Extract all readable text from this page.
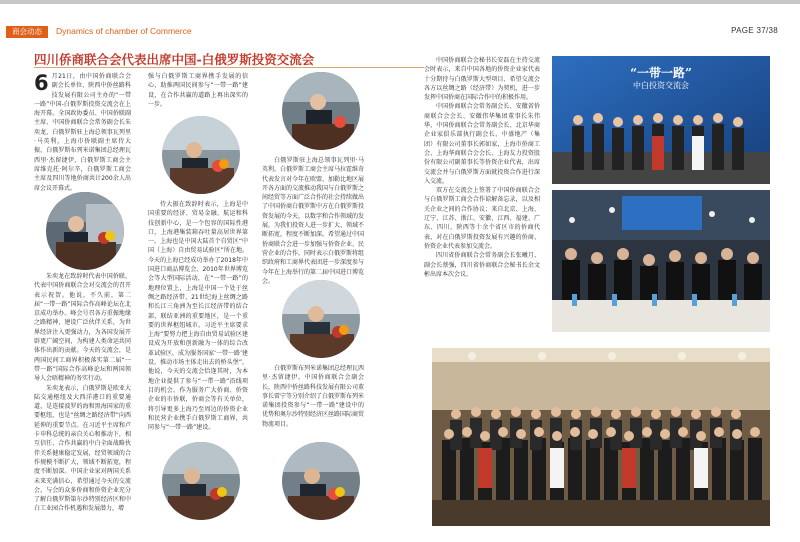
商会动态	Dynamics of chamber of Commerce	PAGE 37/38
四川侨商联合会代表出席中国-白俄罗斯投资交流会

6 月21日，由中国侨商联合会副会长单位、陕西中侨丝路科技发展有限公司主办的“一带一路”中国-白俄罗斯投资交流会在上海开幕。全国政协委员、中国侨联副主席、中国侨商联合会常务副会长朱奕龙，白俄罗斯驻上海总领事瓦列里·马英利，上海市侨联副主席侍大振，白俄罗斯布列米诺集团总经理瓦西里·杰留捷伊，白俄罗斯工商会主席维克托·阿尔辛，白俄罗斯工商会主席及四川等地侨商共计200余人出席会议开幕式。

朱奕龙在致辞时代表中国侨联、代表中国侨商联合会对交流会的召开表示祝贺。他说，不久前，第二届“一带一路”国际合作高峰论坛在北京成功举办。峰会号召各方重振地缘之路精神，建设广泛伙伴关系，为世界经济注入更强动力，为各国发展开辟更广阔空间，为构建人类命运共同体作出新的贡献。今天的交流会，是两国民间工商界积极落实第二届“一带一路”国际合作高峰论坛和两国领导人会晤精神的务实行动。

朱奕龙表示，白俄罗斯是欧亚大陆交通枢纽及大西洋港口的重要通道，是连接波罗的海和黑海国家的重要枢纽，也是“丝绸之路经济带”向西延伸的重要节点。在习近平主席和卢卡申科总统的亲自关心和推动下，相互信任、合作共赢的中白全面战略伙伴关系健康稳定发展，经贸领域的合作规模不断扩大，领域不断拓宽，程度不断加深。中国企业家对两国关系未来充满信心，希望通过今天的交流会，与会的众多侨商和侨资企业充分了解白俄罗斯第尔沙特别经济区和中白工业园合作机遇和发展潜力，增

强与白俄罗斯工商界携手发展的信心，助推两国民间参与“一带一路”建设，在合作共赢的道路上再出深实的一步。

侍大振在致辞时表示，上海是中国重要的经济、贸易金融、航运和科技创新中心，是一个包容的国际性港口，上海港集装箱吞吐量高居世界第一。上海也是中国大陆首个自贸区“中国（上海）自由贸易试验区”所在地。今天的上海已经成功举办了2018年中国进口商品博览会、2010年世界博览会等大型国际活动，在“一带一路”的地理位置上，上海是中国一个处于丝绸之路经济带、21世纪海上丝绸之路和长江三角洲为至长江经济带的结合部，联结亚洲的重要地区，是一个重要的世界枢纽城市。习近平主席要求上海“要努力把上海自由贸易试验区建设成为开放和创新融为一体的综合改革试验区，成为服务国家‘一带一路’建设、推动市场主体走出去的桥头堡”，他说，今天的交流会恰逢其时，为本地企业提供了参与“一带一路”沿线项目的机会。作为服务广大侨商、侨资企业的市侨联，侨商会等有关单位，将引导更多上海乃至周边的侨资企业和民营企业携手白俄罗斯工商界，共同参与“一带一路”建设。

白俄罗斯驻上海总领事瓦列里·马英利，白俄罗斯工商会主席马拉霍维奇代表发言对今年在欧盟、加勒比地区展开各方面的交流推动我国与白俄罗斯之间经贸等方面广泛合作的社会持续做出了中国侨商白俄罗斯中方在白俄罗斯投资发展的今天，以数字和合作领域的发展，为我们投资人进一步扩大、领域不断拓宽，程度不断加深。希望通过中国侨商联合会进一步加强与侨资企业、民营企业的合作，同时表示白俄罗斯将组织政府和工商界代表团进一步深度参与今年在上海举行的第二届中国进口博览会。

白俄罗斯布列米诺集团总经理瓦西里·杰留捷伊，中国侨商联合会副会长，陕西中侨丝路科技发展有限公司董事长雷宁等分别介绍了白俄罗斯布列米诺集团投资参与“一带一路”建设中的优势和奥尔沙特别经济区丝路国际商贸物流项目。

中国侨商联合会秘书长安磊在主持交流会时表示，来自中国各地的侨资企业家代表十分期待与白俄罗斯大型项目、希望交流会各方以丝绸之路（经济带）为契机，进一步发挥中国侨商在国际合作中的积极作用。

中国侨商联合会常务副会长、安徽省侨商联合会会长、安徽伟华集团董事长朱伟华，中国侨商联合会常务副会长、北京华商企业家俱乐部执行副会长、中盛地产（集团）有限公司董事长郭如家，上海市侨商工会、上海华商联合会会长、上海友力投资股份有限公司副董事长等侨资企业代表，出席交流会并与白俄罗斯方面就投资合作进行深入交流。

双方在交流会上签署了中国侨商联合会与白俄罗斯工商会合作谅解备忘录，以及相关企业之间的合作协议；来自北京、上海、辽宁、江苏、浙江、安徽、江西、福建、广东、四川、陕西等十余个省区市的侨商代表，对在白俄罗斯投资发展有兴趣的侨商、侨资企业代表参加交流会。

四川省侨商联合会常务副会长张曦月、副会长蔡强，四川省侨商联合会秘书长余文彬出席本次会议。

“一带一路”
中白投资交流会
